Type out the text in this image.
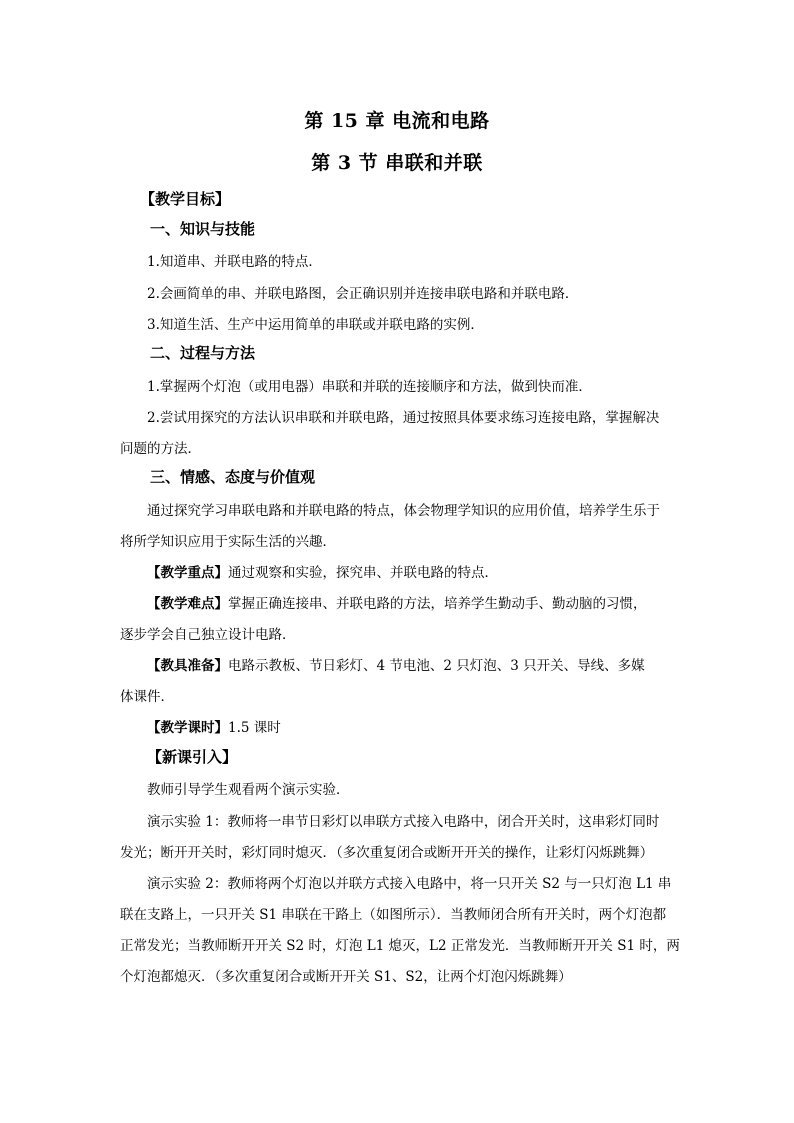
第 15 章 电流和电路
第 3 节 串联和并联
【教学目标】
一、知识与技能
1.知道串、并联电路的特点．
2.会画简单的串、并联电路图，会正确识别并连接串联电路和并联电路．
3.知道生活、生产中运用简单的串联或并联电路的实例．
二、过程与方法
1.掌握两个灯泡（或用电器）串联和并联的连接顺序和方法，做到快而准．
2.尝试用探究的方法认识串联和并联电路，通过按照具体要求练习连接电路，掌握解决
问题的方法．
三、情感、态度与价值观
通过探究学习串联电路和并联电路的特点，体会物理学知识的应用价值，培养学生乐于
将所学知识应用于实际生活的兴趣．
【教学重点】通过观察和实验，探究串、并联电路的特点．
【教学难点】掌握正确连接串、并联电路的方法，培养学生勤动手、勤动脑的习惯，
逐步学会自己独立设计电路．
【教具准备】电路示教板、节日彩灯、4 节电池、2 只灯泡、3 只开关、导线、多媒
体课件．
【教学课时】1.5 课时
【新课引入】
教师引导学生观看两个演示实验．
演示实验 1：教师将一串节日彩灯以串联方式接入电路中，闭合开关时，这串彩灯同时
发光；断开开关时，彩灯同时熄灭．（多次重复闭合或断开开关的操作，让彩灯闪烁跳舞）
演示实验 2：教师将两个灯泡以并联方式接入电路中，将一只开关 S2 与一只灯泡 L1 串
联在支路上，一只开关 S1 串联在干路上（如图所示）．当教师闭合所有开关时，两个灯泡都
正常发光；当教师断开开关 S2 时，灯泡 L1 熄灭，L2 正常发光．当教师断开开关 S1 时，两
个灯泡都熄灭．（多次重复闭合或断开开关 S1、S2，让两个灯泡闪烁跳舞）
